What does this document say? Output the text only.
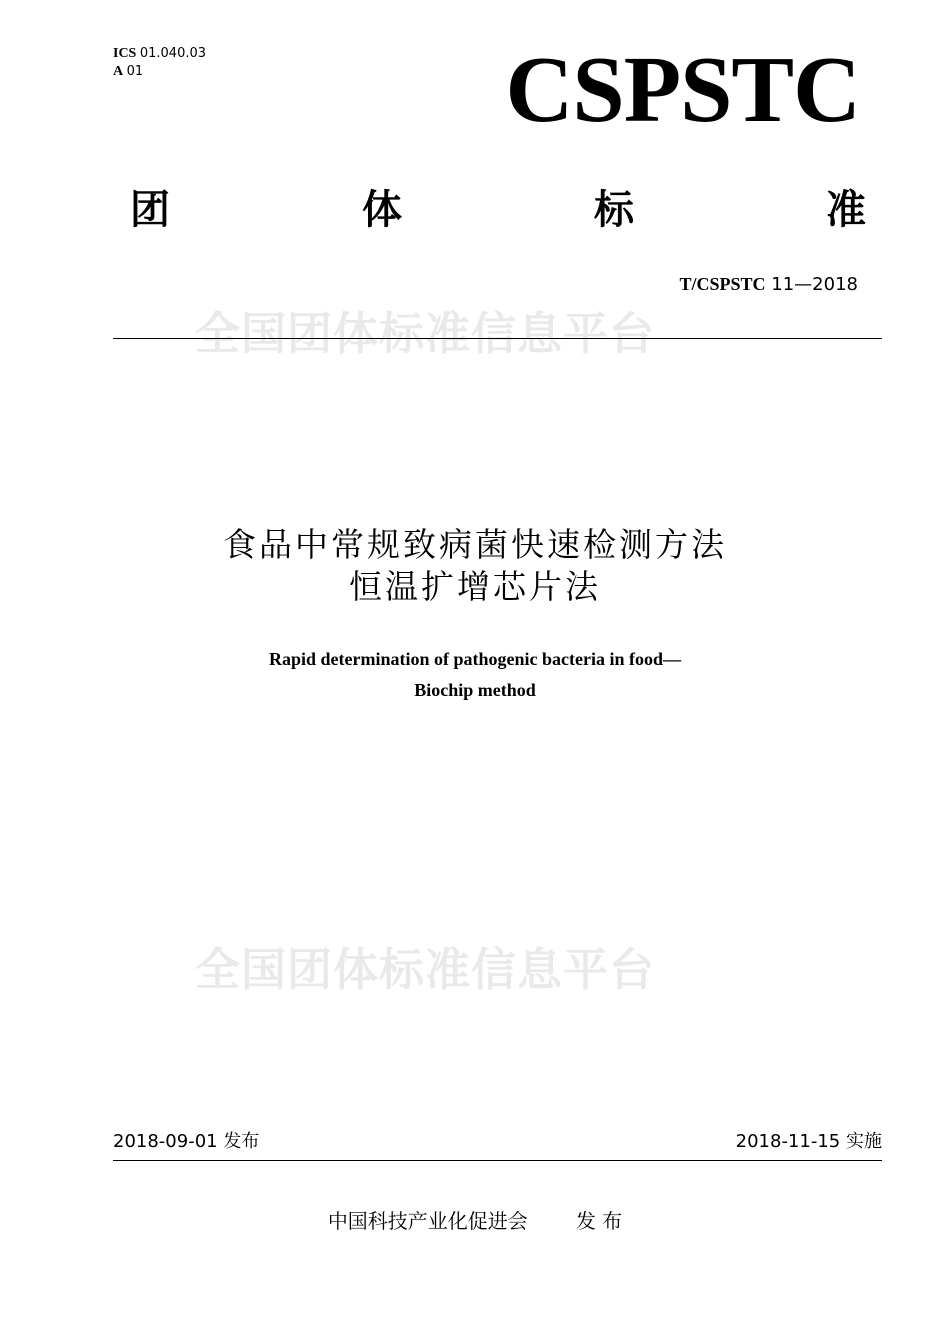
ICS 01.040.03
A 01	CSPSTC
团	体	标	准
T/CSPSTC 11—2018
全国团体标准信息平台
食品中常规致病菌快速检测方法
恒温扩增芯片法
Rapid determination of pathogenic bacteria in food—
Biochip method
全国团体标准信息平台
2018-09-01 发布	2018-11-15 实施
中国科技产业化促进会 发 布
